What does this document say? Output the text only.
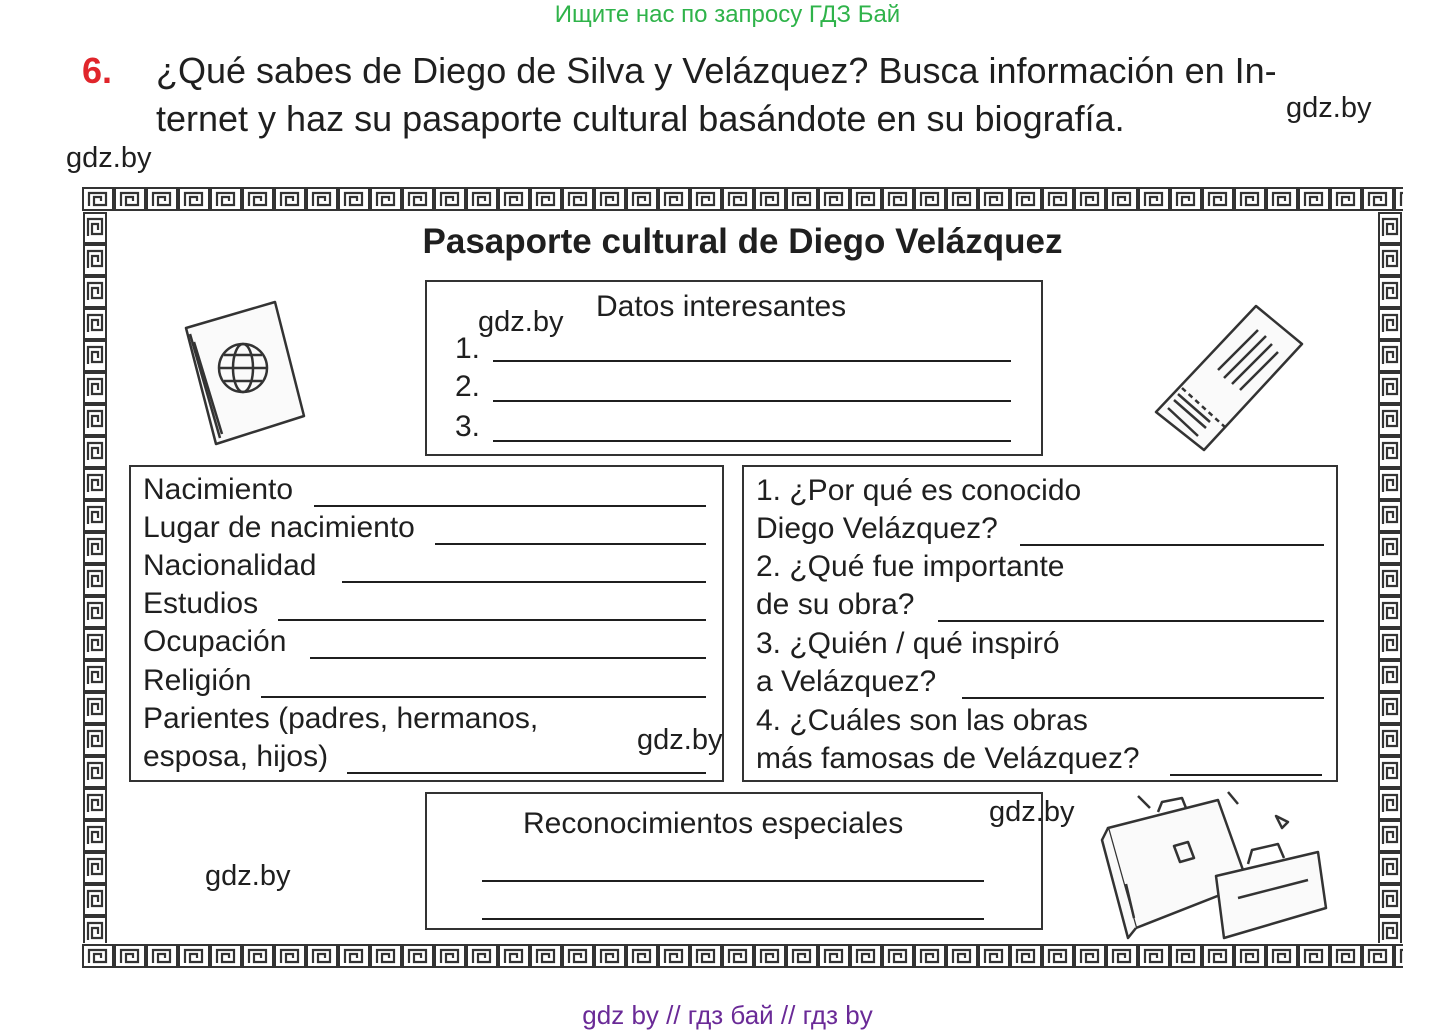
Ищите нас по запросу ГДЗ Бай
6. ¿Qué sabes de Diego de Silva y Velázquez? Busca información en In-
ternet y haz su pasaporte cultural basándote en su biografía.	gdz.by
gdz.by
Pasaporte cultural de Diego Velázquez
gdz.by Datos interesantes
1.
2.
3.
Nacimiento
Lugar de nacimiento
Nacionalidad
Estudios
Ocupación
Religión
Parientes (padres, hermanos,
esposa, hijos)	gdz.by
1. ¿Por qué es conocido
Diego Velázquez?
2. ¿Qué fue importante
de su obra?
3. ¿Quién / qué inspiró
a Velázquez?
4. ¿Cuáles son las obras
más famosas de Velázquez?
Reconocimientos especiales	gdz.by
gdz.by
gdz by // гдз бай // гдз by
